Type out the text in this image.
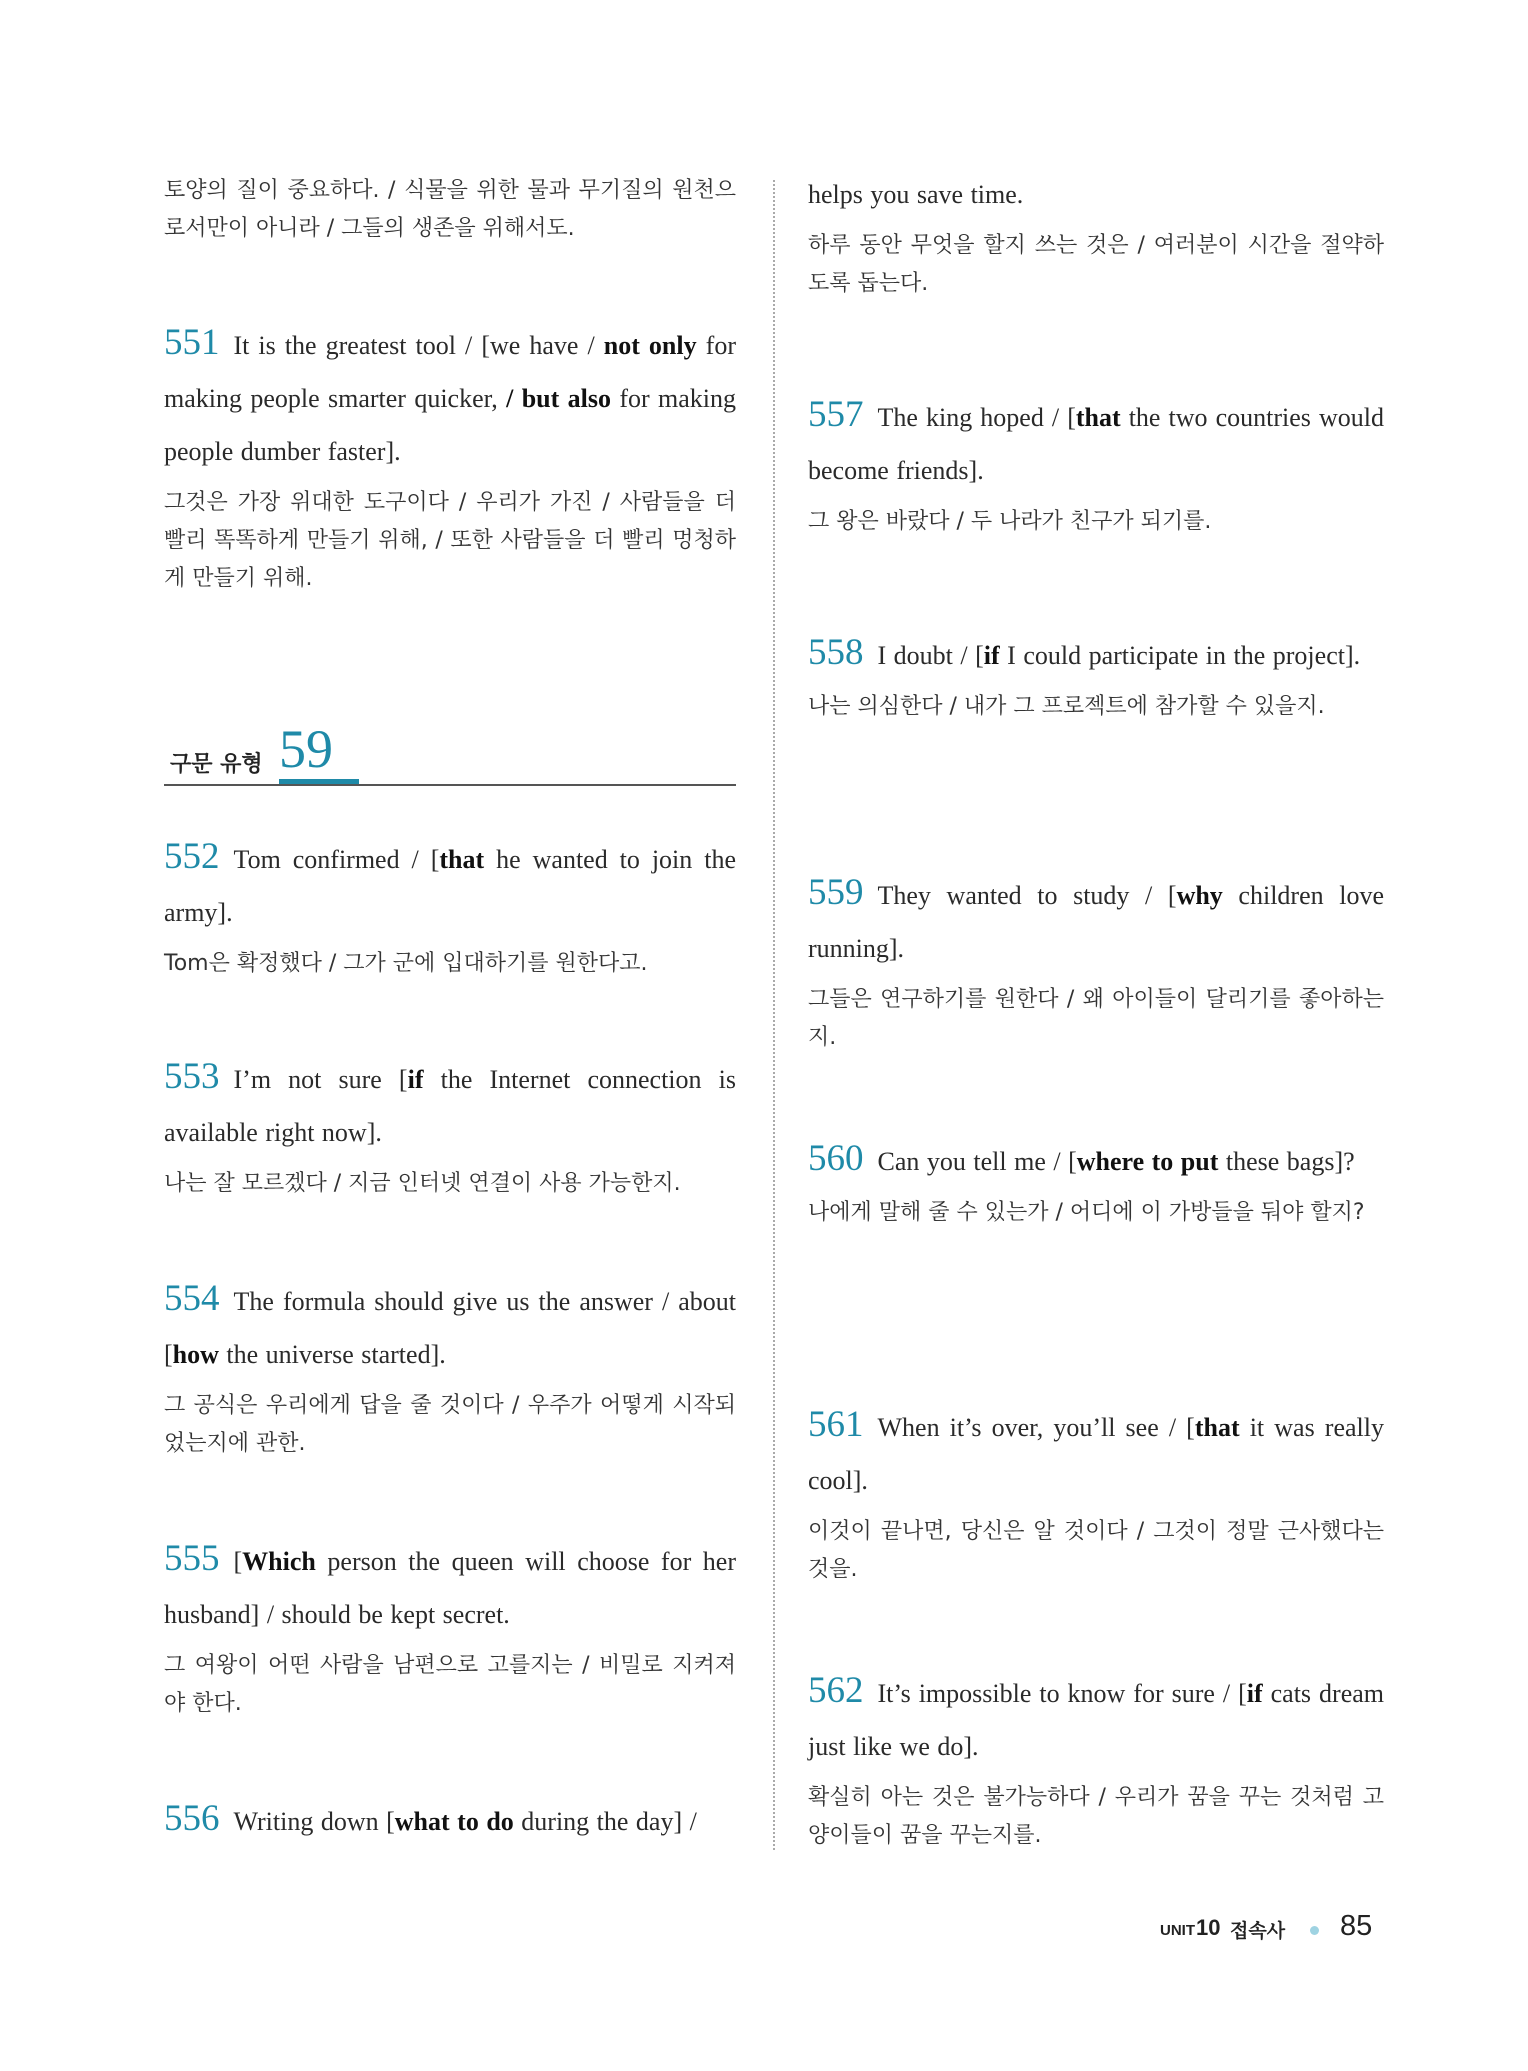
토양의 질이 중요하다. / 식물을 위한 물과 무기질의 원천으로서만이 아니라 / 그들의 생존을 위해서도.
551 It is the greatest tool / [we have / not only for making people smarter quicker, / but also for making people dumber faster].
그것은 가장 위대한 도구이다 / 우리가 가진 / 사람들을 더 빨리 똑똑하게 만들기 위해, / 또한 사람들을 더 빨리 멍청하게 만들기 위해.
구문 유형 59
552 Tom confirmed / [that he wanted to join the army].
Tom은 확정했다 / 그가 군에 입대하기를 원한다고.
553 I’m not sure [if the Internet connection is available right now].
나는 잘 모르겠다 / 지금 인터넷 연결이 사용 가능한지.
554 The formula should give us the answer / about [how the universe started].
그 공식은 우리에게 답을 줄 것이다 / 우주가 어떻게 시작되었는지에 관한.
555 [Which person the queen will choose for her husband] / should be kept secret.
그 여왕이 어떤 사람을 남편으로 고를지는 / 비밀로 지켜져야 한다.
556 Writing down [what to do during the day] /
helps you save time.
하루 동안 무엇을 할지 쓰는 것은 / 여러분이 시간을 절약하도록 돕는다.
557 The king hoped / [that the two countries would become friends].
그 왕은 바랐다 / 두 나라가 친구가 되기를.
558 I doubt / [if I could participate in the project].
나는 의심한다 / 내가 그 프로젝트에 참가할 수 있을지.
559 They wanted to study / [why children love running].
그들은 연구하기를 원한다 / 왜 아이들이 달리기를 좋아하는지.
560 Can you tell me / [where to put these bags]?
나에게 말해 줄 수 있는가 / 어디에 이 가방들을 둬야 할지?
561 When it’s over, you’ll see / [that it was really cool].
이것이 끝나면, 당신은 알 것이다 / 그것이 정말 근사했다는 것을.
562 It’s impossible to know for sure / [if cats dream just like we do].
확실히 아는 것은 불가능하다 / 우리가 꿈을 꾸는 것처럼 고양이들이 꿈을 꾸는지를.
UNIT 10 접속사 85
